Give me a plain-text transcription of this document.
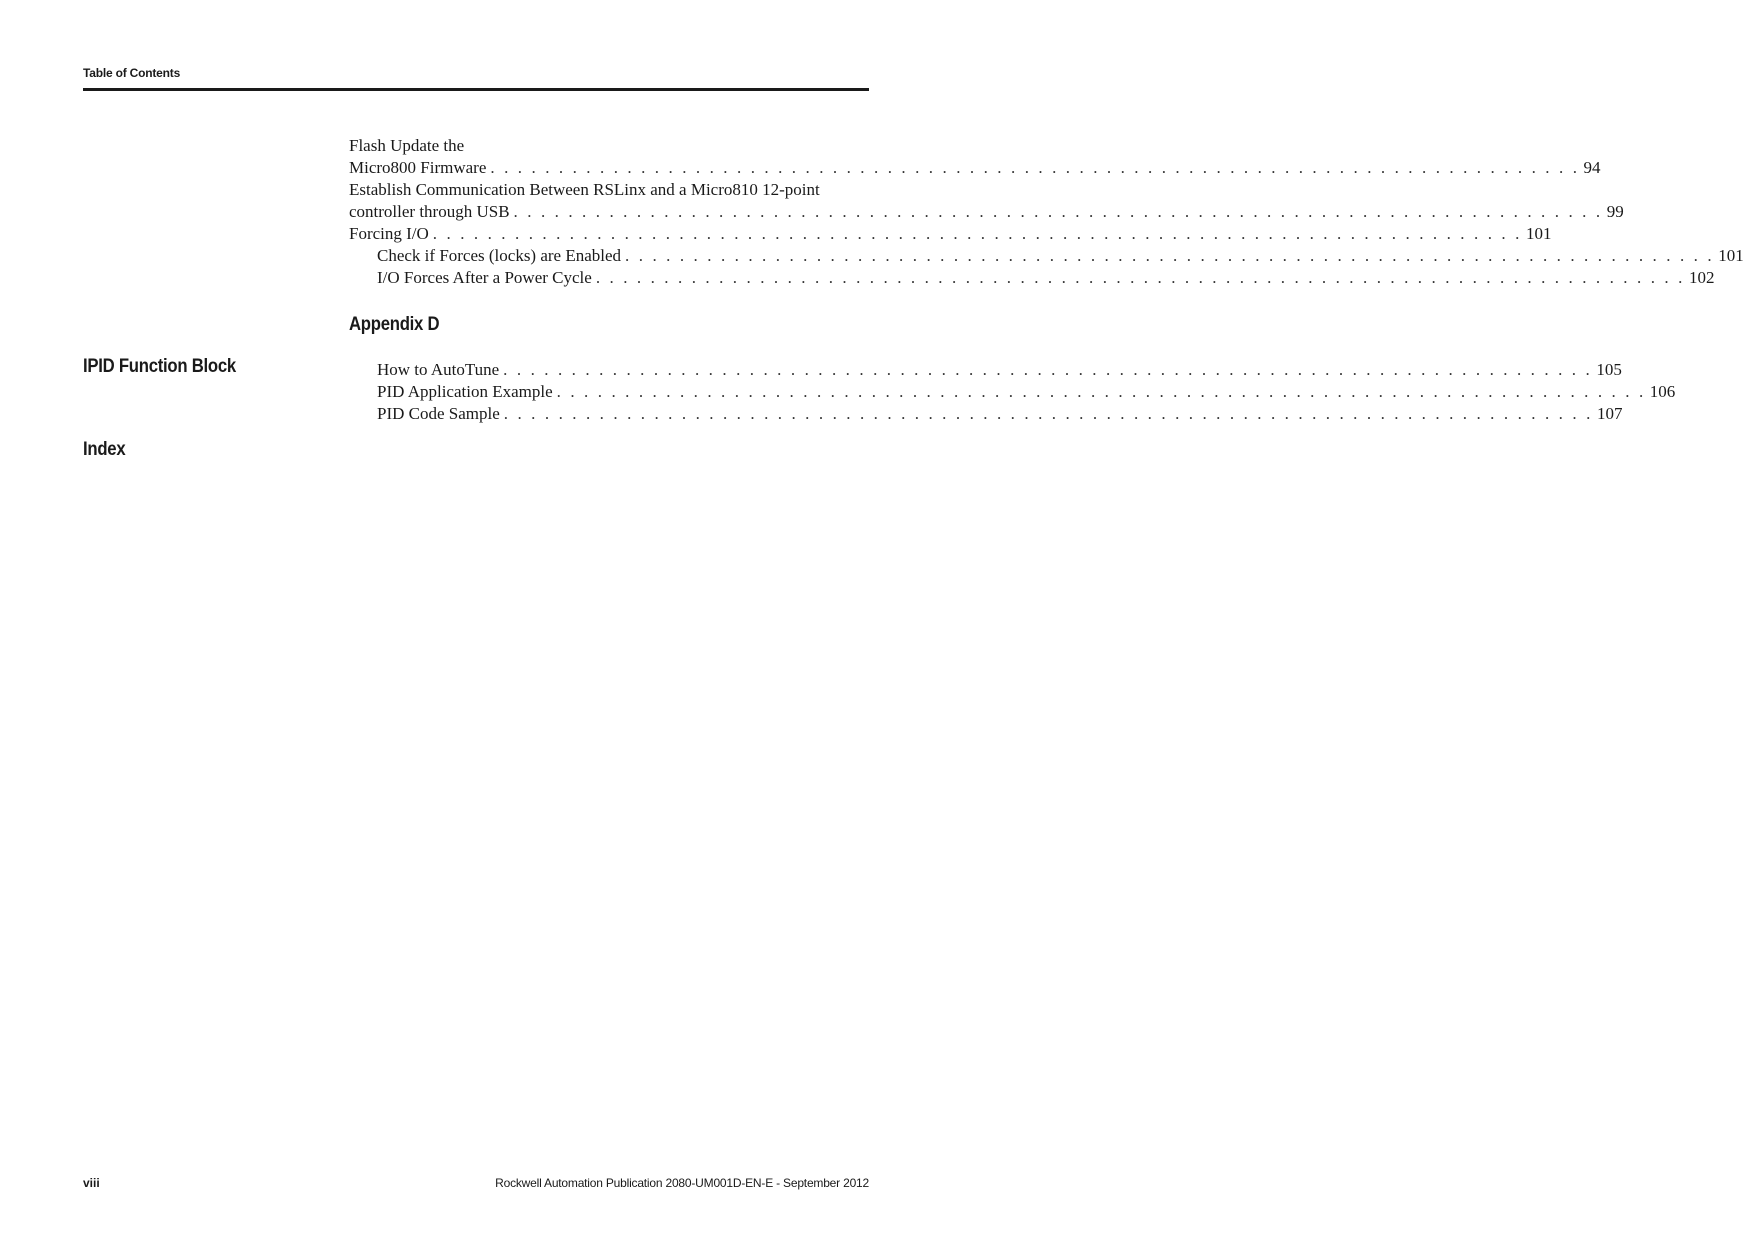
Table of Contents
Flash Update the
Micro800 Firmware . . . . . . . . . . . . . . . . . . . . . . . . . . . . . . . . . . . . . . . . . . . . . . . . . . . . . . . . . . . . . . . . . . . . . . . . . . . . . . . . 94
Establish Communication Between RSLinx and a Micro810 12-point
controller through USB . . . . . . . . . . . . . . . . . . . . . . . . . . . . . . . . . . . . . . . . . . . . . . . . . . . . . . . . . . . . . . . . . . . . . . . . . . . . . . . . 99
Forcing I/O . . . . . . . . . . . . . . . . . . . . . . . . . . . . . . . . . . . . . . . . . . . . . . . . . . . . . . . . . . . . . . . . . . . . . . . . . . . . . . . . 101
Check if Forces (locks) are Enabled . . . . . . . . . . . . . . . . . . . . . . . . . . . . . . . . . . . . . . . . . . . . . . . . . . . . . . . . . . . . . . . . . . . . . . . . . . . . . . . . 101
I/O Forces After a Power Cycle . . . . . . . . . . . . . . . . . . . . . . . . . . . . . . . . . . . . . . . . . . . . . . . . . . . . . . . . . . . . . . . . . . . . . . . . . . . . . . . . 102
Appendix D
IPID Function Block	How to AutoTune . . . . . . . . . . . . . . . . . . . . . . . . . . . . . . . . . . . . . . . . . . . . . . . . . . . . . . . . . . . . . . . . . . . . . . . . . . . . . . . . 105
PID Application Example . . . . . . . . . . . . . . . . . . . . . . . . . . . . . . . . . . . . . . . . . . . . . . . . . . . . . . . . . . . . . . . . . . . . . . . . . . . . . . . . 106
PID Code Sample . . . . . . . . . . . . . . . . . . . . . . . . . . . . . . . . . . . . . . . . . . . . . . . . . . . . . . . . . . . . . . . . . . . . . . . . . . . . . . . . 107
Index
viii	Rockwell Automation Publication 2080-UM001D-EN-E - September 2012
